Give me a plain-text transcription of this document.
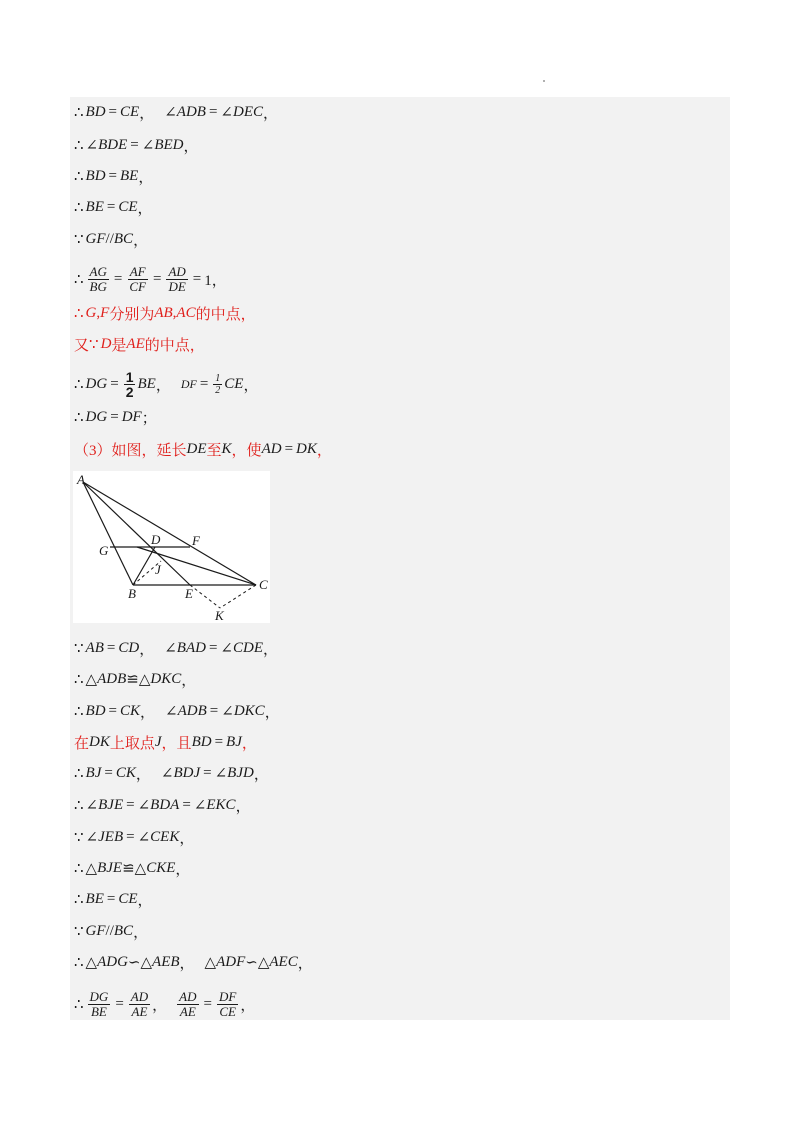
∴ BD = CE ， ∠ ADB = ∠ DEC ，
∴ ∠ BDE = ∠ BED ，
∴ BD = BE ，
∴ BE = CE ，
∵ GF // BC ，
∴ $\frac{AG}{BG} = \frac{AF}{CF} = \frac{AD}{DE} = 1$，
∴ G , F 分别为 AB , AC 的中点，
又 ∵ D 是 AE 的中点，
∴ DG = $\frac{1}{2}$ BE ， DF = $\frac{1}{2}$ CE ，
∴ DG = DF ；
（3）如图，延长 DE 至 K ，使 AD = DK ，
∵ AB = CD ， ∠ BAD = ∠ CDE ，
∴ △ ADB ≌△ DKC ，
∴ BD = CK ， ∠ ADB = ∠ DKC ，
在 DK 上取点 J ，且 BD = BJ ，
∴ BJ = CK ， ∠ BDJ = ∠ BJD ，
∴ ∠ BJE = ∠ BDA = ∠ EKC ，
∵ ∠ JEB = ∠ CEK ，
∴ △ BJE ≌△ CKE ，
∴ BE = CE ，
∵ GF // BC ，
∴ △ ADG ∽△ AEB ， △ ADF ∽△ AEC ，
∴ $\frac{DG}{BE} = \frac{AD}{AE}$ ， $\frac{AD}{AE} = \frac{DF}{CE}$ ，
A
G
D F
J
B	E
C
K
